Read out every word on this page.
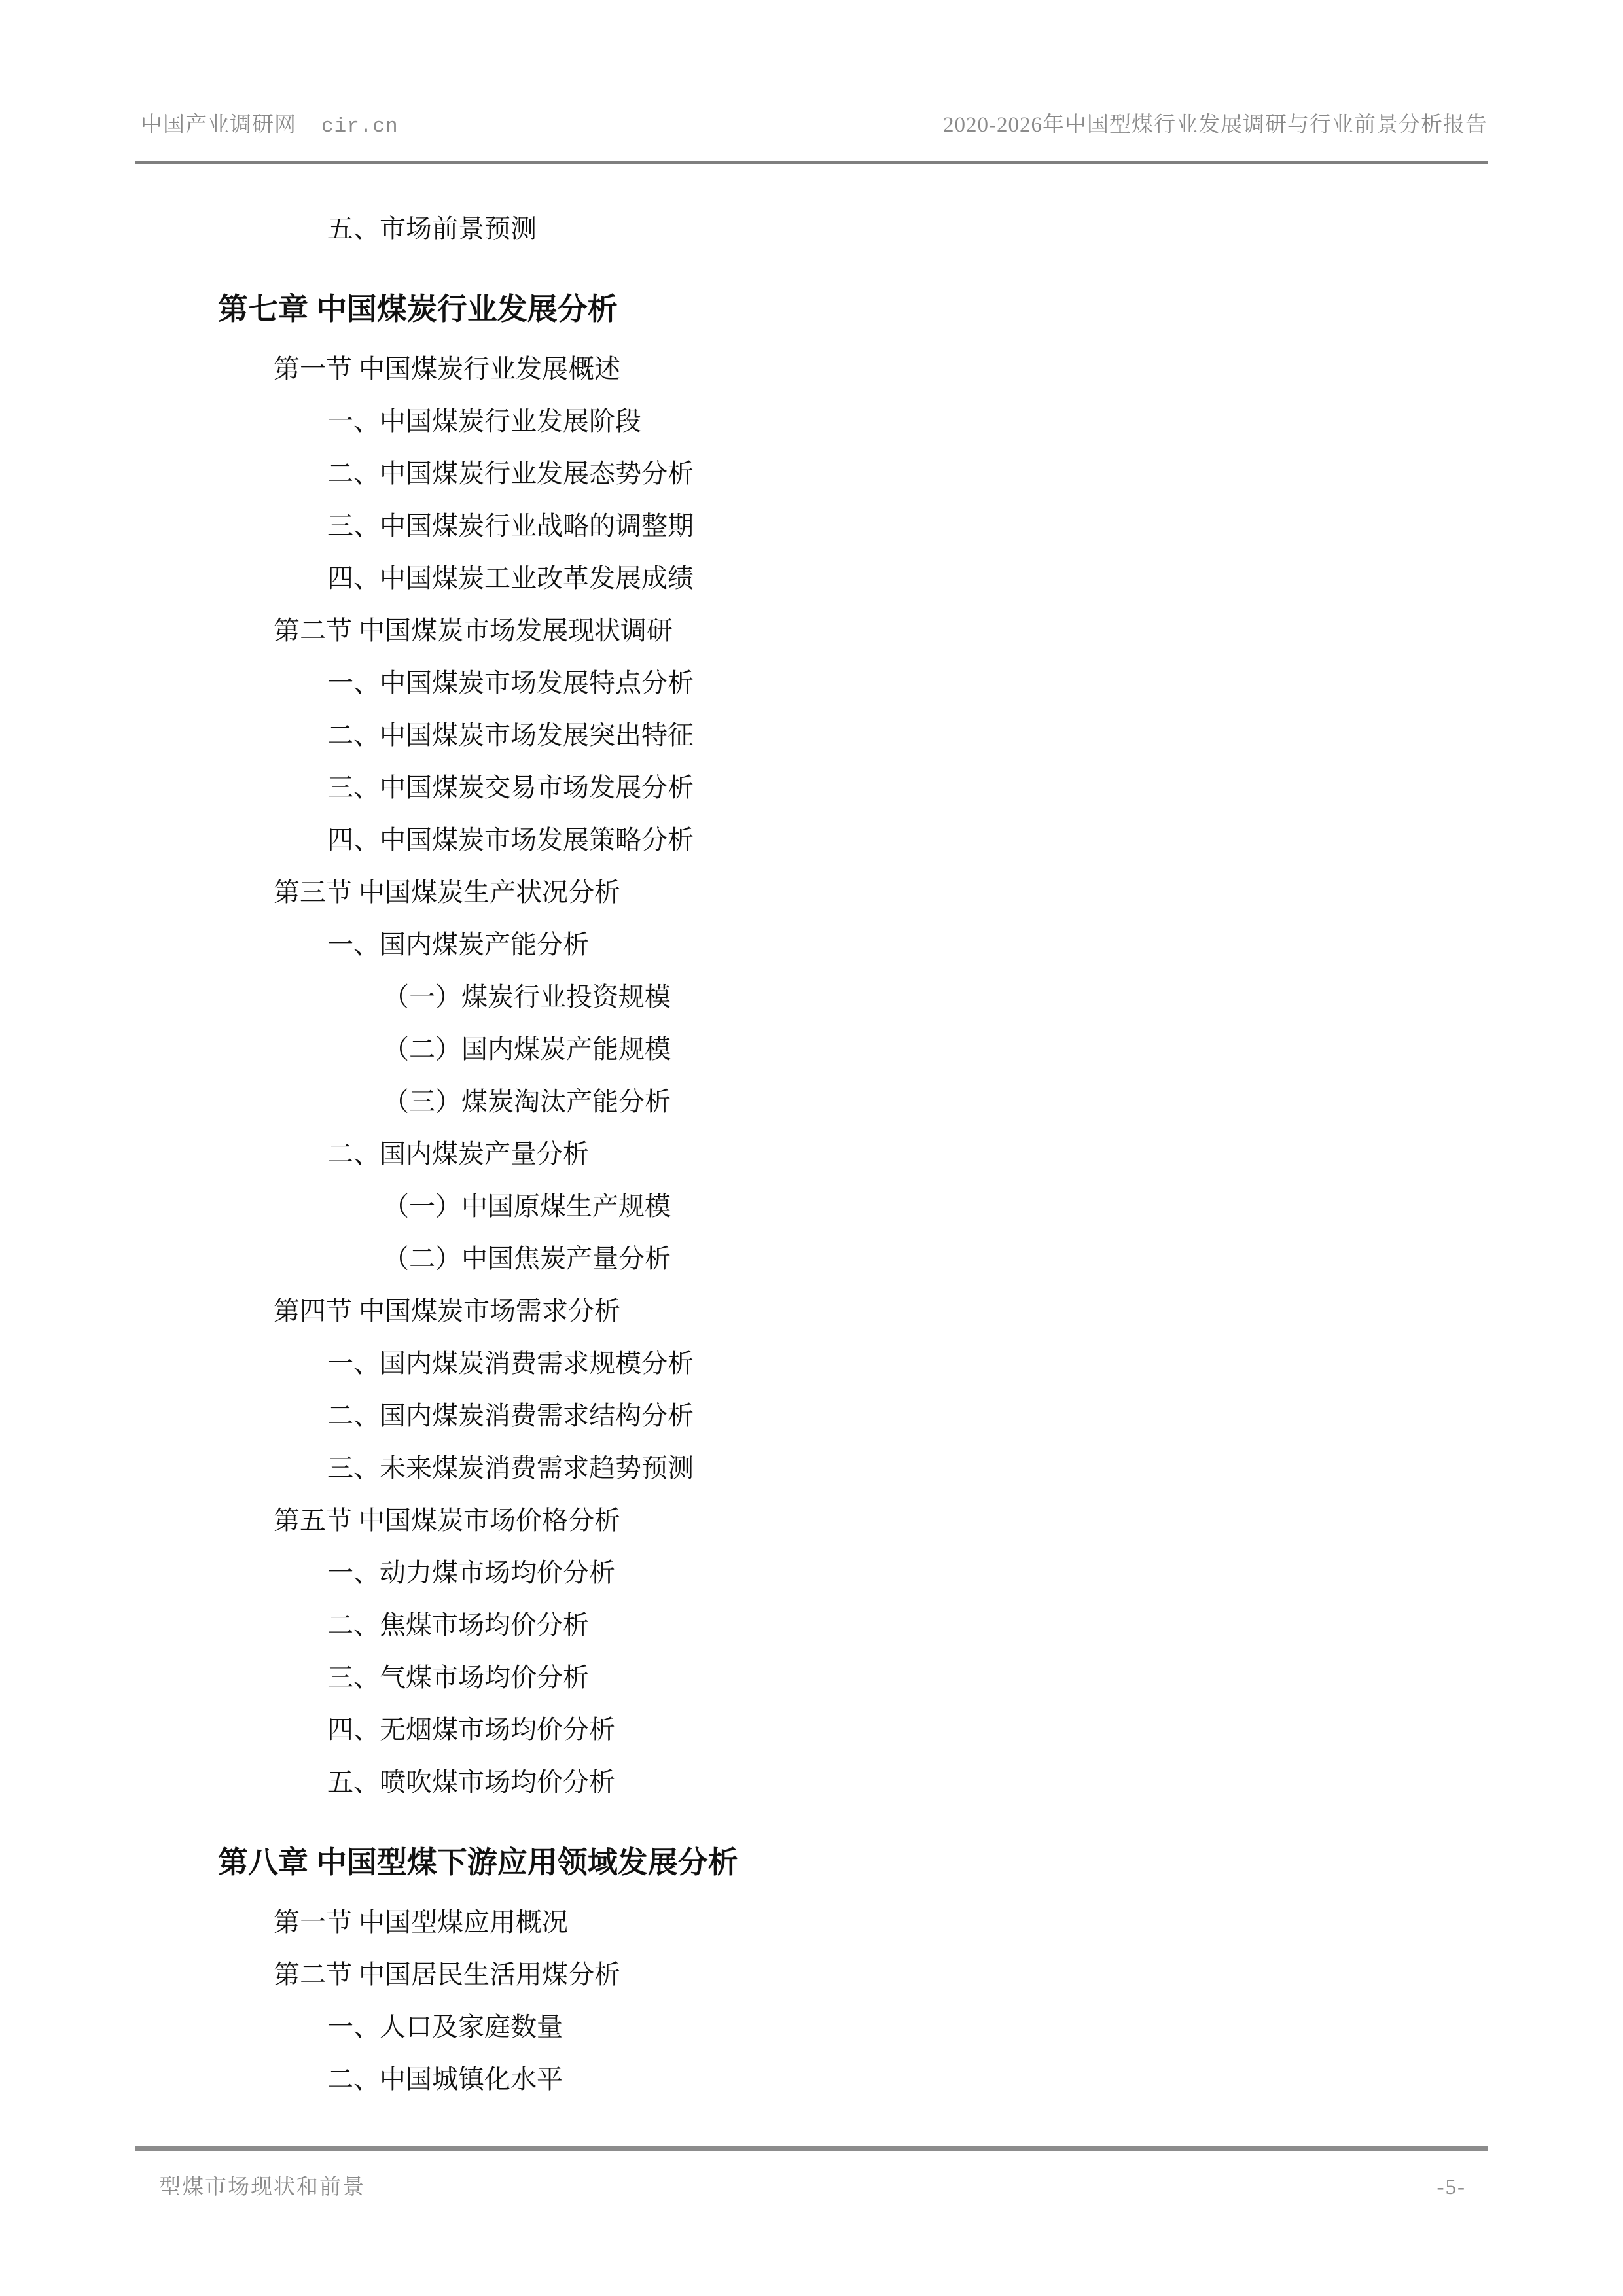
中国产业调研网 cir.cn	2020-2026年中国型煤行业发展调研与行业前景分析报告
五、市场前景预测
第七章 中国煤炭行业发展分析
第一节 中国煤炭行业发展概述
一、中国煤炭行业发展阶段
二、中国煤炭行业发展态势分析
三、中国煤炭行业战略的调整期
四、中国煤炭工业改革发展成绩
第二节 中国煤炭市场发展现状调研
一、中国煤炭市场发展特点分析
二、中国煤炭市场发展突出特征
三、中国煤炭交易市场发展分析
四、中国煤炭市场发展策略分析
第三节 中国煤炭生产状况分析
一、国内煤炭产能分析
（一）煤炭行业投资规模
（二）国内煤炭产能规模
（三）煤炭淘汰产能分析
二、国内煤炭产量分析
（一）中国原煤生产规模
（二）中国焦炭产量分析
第四节 中国煤炭市场需求分析
一、国内煤炭消费需求规模分析
二、国内煤炭消费需求结构分析
三、未来煤炭消费需求趋势预测
第五节 中国煤炭市场价格分析
一、动力煤市场均价分析
二、焦煤市场均价分析
三、气煤市场均价分析
四、无烟煤市场均价分析
五、喷吹煤市场均价分析
第八章 中国型煤下游应用领域发展分析
第一节 中国型煤应用概况
第二节 中国居民生活用煤分析
一、人口及家庭数量
二、中国城镇化水平
型煤市场现状和前景	-5-
